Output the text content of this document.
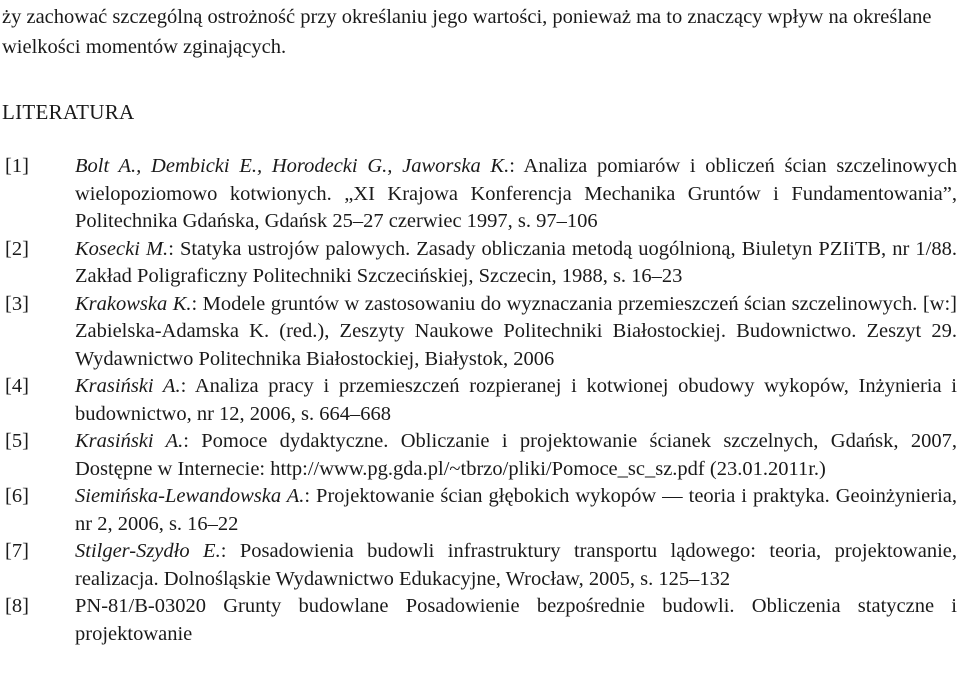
ży zachować szczególną ostrożność przy określaniu jego wartości, ponieważ ma to znaczący wpływ na określane wielkości momentów zginających.

LITERATURA
[1] Bolt A., Dembicki E., Horodecki G., Jaworska K.: Analiza pomiarów i obliczeń ścian szczelinowych wielopoziomowo kotwionych. „XI Krajowa Konferencja Mechanika Gruntów i Fundamentowania”, Politechnika Gdańska, Gdańsk 25–27 czerwiec 1997, s. 97–106
[2] Kosecki M.: Statyka ustrojów palowych. Zasady obliczania metodą uogólnioną, Biuletyn PZIiTB, nr 1/88. Zakład Poligraficzny Politechniki Szczecińskiej, Szczecin, 1988, s. 16–23
[3] Krakowska K.: Modele gruntów w zastosowaniu do wyznaczania przemieszczeń ścian szczelinowych. [w:] Zabielska-Adamska K. (red.), Zeszyty Naukowe Politechniki Białostockiej. Budownictwo. Zeszyt 29. Wydawnictwo Politechnika Białostockiej, Białystok, 2006
[4] Krasiński A.: Analiza pracy i przemieszczeń rozpieranej i kotwionej obudowy wykopów, Inżynieria i budownictwo, nr 12, 2006, s. 664–668
[5] Krasiński A.: Pomoce dydaktyczne. Obliczanie i projektowanie ścianek szczelnych, Gdańsk, 2007, Dostępne w Internecie: http://www.pg.gda.pl/~tbrzo/pliki/Pomoce_sc_sz.pdf (23.01.2011r.)
[6] Siemińska-Lewandowska A.: Projektowanie ścian głębokich wykopów — teoria i praktyka. Geoinżynieria, nr 2, 2006, s. 16–22
[7] Stilger-Szydło E.: Posadowienia budowli infrastruktury transportu lądowego: teoria, projektowanie, realizacja. Dolnośląskie Wydawnictwo Edukacyjne, Wrocław, 2005, s. 125–132
[8] PN-81/B-03020 Grunty budowlane Posadowienie bezpośrednie budowli. Obliczenia statyczne i projektowanie
